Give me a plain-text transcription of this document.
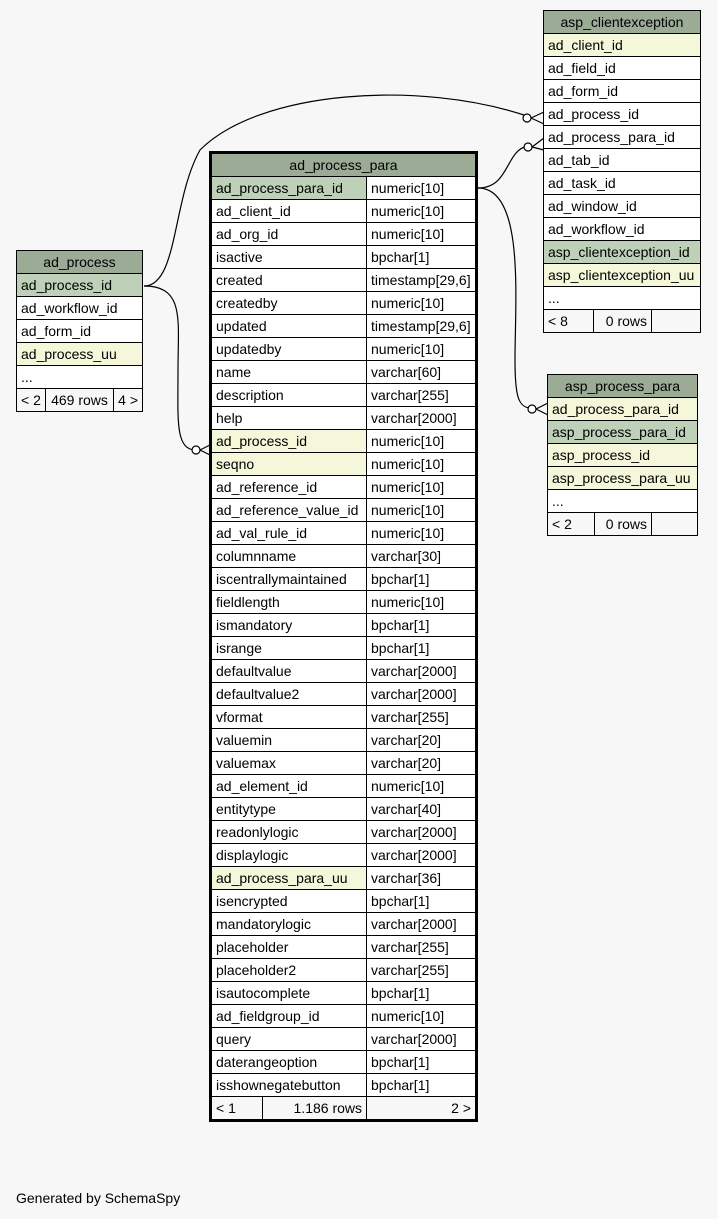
ad_process
ad_process_id
ad_workflow_id
ad_form_id
ad_process_uu
...
< 2	469 rows	4 >
ad_process_para		
ad_process_para_id		numeric[10]
ad_client_id		numeric[10]
ad_org_id		numeric[10]
isactive		bpchar[1]
created		timestamp[29,6]
createdby		numeric[10]
updated		timestamp[29,6]
updatedby		numeric[10]
name		varchar[60]
description		varchar[255]
help		varchar[2000]
ad_process_id		numeric[10]
seqno		numeric[10]
ad_reference_id		numeric[10]
ad_reference_value_id		numeric[10]
ad_val_rule_id		numeric[10]
columnname		varchar[30]
iscentrallymaintained		bpchar[1]
fieldlength		numeric[10]
ismandatory		bpchar[1]
isrange		bpchar[1]
defaultvalue		varchar[2000]
defaultvalue2		varchar[2000]
vformat		varchar[255]
valuemin		varchar[20]
valuemax		varchar[20]
ad_element_id		numeric[10]
entitytype		varchar[40]
readonlylogic		varchar[2000]
displaylogic		varchar[2000]
ad_process_para_uu		varchar[36]
isencrypted		bpchar[1]
mandatorylogic		varchar[2000]
placeholder		varchar[255]
placeholder2		varchar[255]
isautocomplete		bpchar[1]
ad_fieldgroup_id		numeric[10]
query		varchar[2000]
daterangeoption		bpchar[1]
isshownegatebutton		bpchar[1]
< 1	1.186 rows	2 >
asp_clientexception
ad_client_id
ad_field_id
ad_form_id
ad_process_id
ad_process_para_id
ad_tab_id
ad_task_id
ad_window_id
ad_workflow_id
asp_clientexception_id
asp_clientexception_uu
...
< 8	0 rows	
asp_process_para
ad_process_para_id
asp_process_para_id
asp_process_id
asp_process_para_uu
...
< 2	0 rows	
Generated by SchemaSpy
